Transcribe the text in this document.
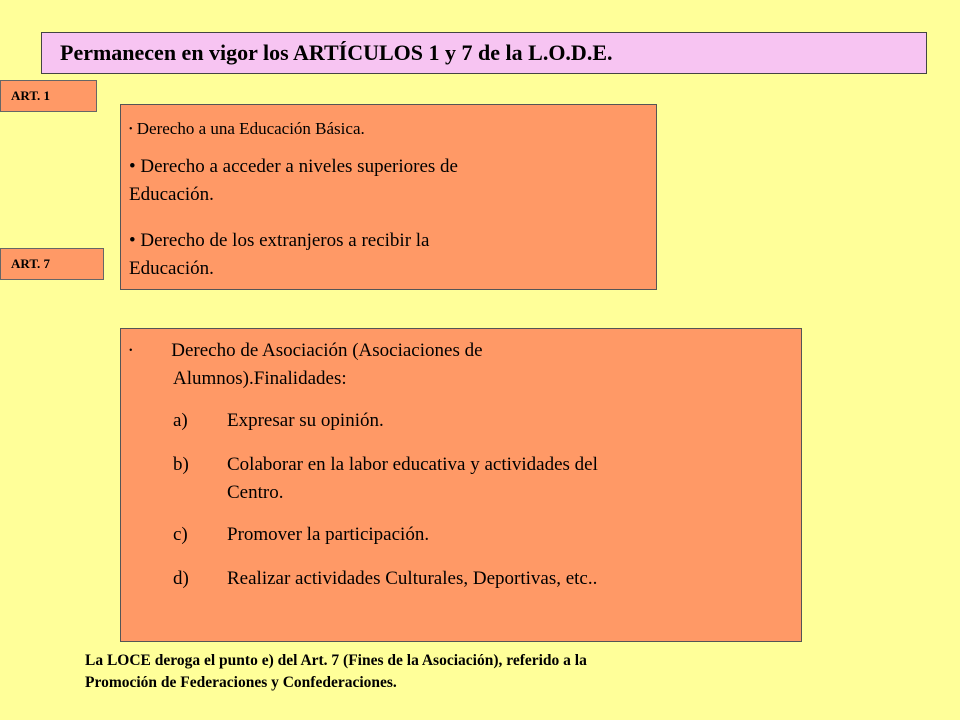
Permanecen en vigor los ARTÍCULOS 1 y 7 de la L.O.D.E.
ART. 1
ART. 7
• Derecho a una Educación Básica.
• Derecho a acceder a niveles superiores de
Educación.
• Derecho de los extranjeros a recibir la
Educación.
• Derecho de Asociación (Asociaciones de
Alumnos).Finalidades:
a) Expresar su opinión.
b) Colaborar en la labor educativa y actividades del
Centro.
c) Promover la participación.
d) Realizar actividades Culturales, Deportivas, etc..
La LOCE deroga el punto e) del Art. 7 (Fines de la Asociación), referido a la
Promoción de Federaciones y Confederaciones.
